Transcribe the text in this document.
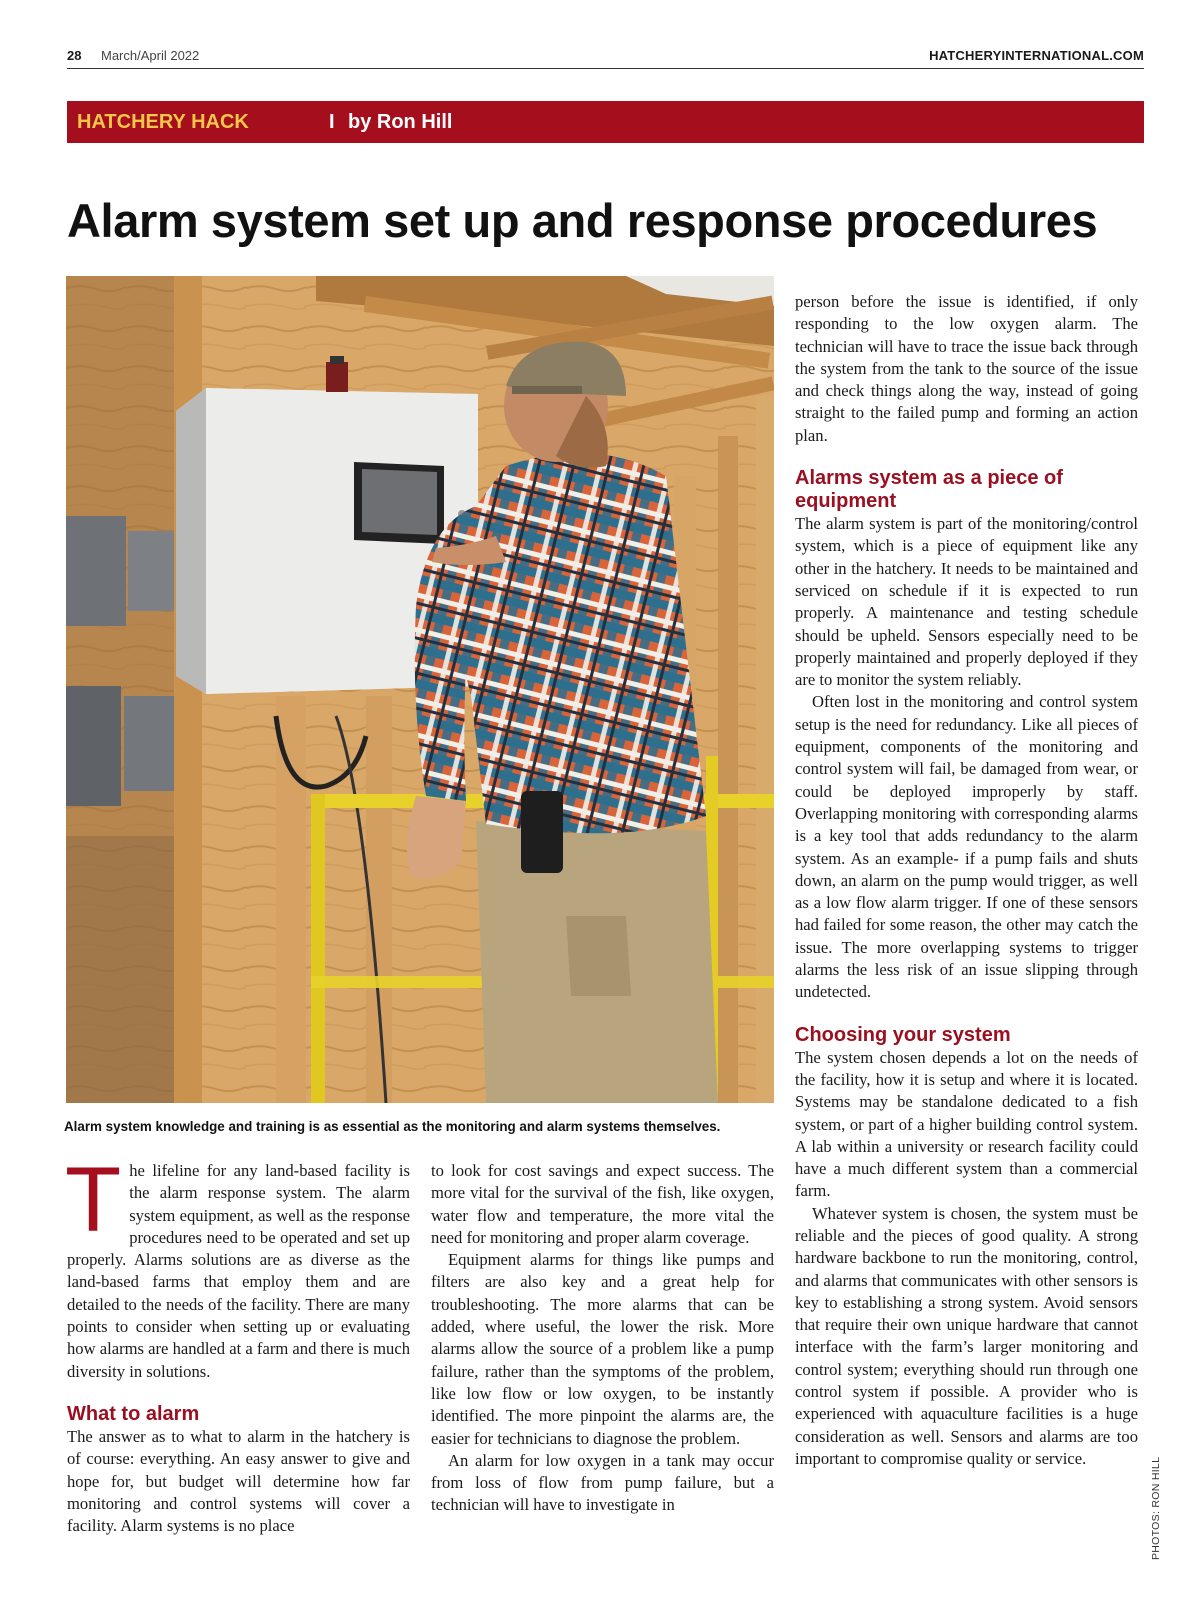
28 March/April 2022	HATCHERYINTERNATIONAL.COM
HATCHERY HACK	I by Ron Hill
Alarm system set up and response procedures

Alarm system knowledge and training is as essential as the monitoring and alarm systems themselves.

The lifeline for any land-based facility is the alarm response system. The alarm system equipment, as well as the response procedures need to be operated and set up properly. Alarms solutions are as diverse as the land-based farms that employ them and are detailed to the needs of the facility. There are many points to consider when setting up or evaluating how alarms are handled at a farm and there is much diversity in solutions.

What to alarm

The answer as to what to alarm in the hatchery is of course: everything. An easy answer to give and hope for, but budget will determine how far monitoring and control systems will cover a facility. Alarm systems is no place

to look for cost savings and expect success. The more vital for the survival of the fish, like oxygen, water flow and temperature, the more vital the need for monitoring and proper alarm coverage.

Equipment alarms for things like pumps and filters are also key and a great help for troubleshooting. The more alarms that can be added, where useful, the lower the risk. More alarms allow the source of a problem like a pump failure, rather than the symptoms of the problem, like low flow or low oxygen, to be instantly identified. The more pinpoint the alarms are, the easier for technicians to diagnose the problem.

An alarm for low oxygen in a tank may occur from loss of flow from pump failure, but a technician will have to investigate in

person before the issue is identified, if only responding to the low oxygen alarm. The technician will have to trace the issue back through the system from the tank to the source of the issue and check things along the way, instead of going straight to the failed pump and forming an action plan.

Alarms system as a piece of equipment

The alarm system is part of the monitoring/control system, which is a piece of equipment like any other in the hatchery. It needs to be maintained and serviced on schedule if it is expected to run properly. A maintenance and testing schedule should be upheld. Sensors especially need to be properly maintained and properly deployed if they are to monitor the system reliably.

Often lost in the monitoring and control system setup is the need for redundancy. Like all pieces of equipment, components of the monitoring and control system will fail, be damaged from wear, or could be deployed improperly by staff. Overlapping monitoring with corresponding alarms is a key tool that adds redundancy to the alarm system. As an example- if a pump fails and shuts down, an alarm on the pump would trigger, as well as a low flow alarm trigger. If one of these sensors had failed for some reason, the other may catch the issue. The more overlapping systems to trigger alarms the less risk of an issue slipping through undetected.

Choosing your system

The system chosen depends a lot on the needs of the facility, how it is setup and where it is located. Systems may be standalone dedicated to a fish system, or part of a higher building control system. A lab within a university or research facility could have a much different system than a commercial farm.

Whatever system is chosen, the system must be reliable and the pieces of good quality. A strong hardware backbone to run the monitoring, control, and alarms that communicates with other sensors is key to establishing a strong system. Avoid sensors that require their own unique hardware that cannot interface with the farm’s larger monitoring and control system; everything should run through one control system if possible. A provider who is experienced with aquaculture facilities is a huge consideration as well. Sensors and alarms are too important to compromise quality or service.	PHOTOS: RON HILL
